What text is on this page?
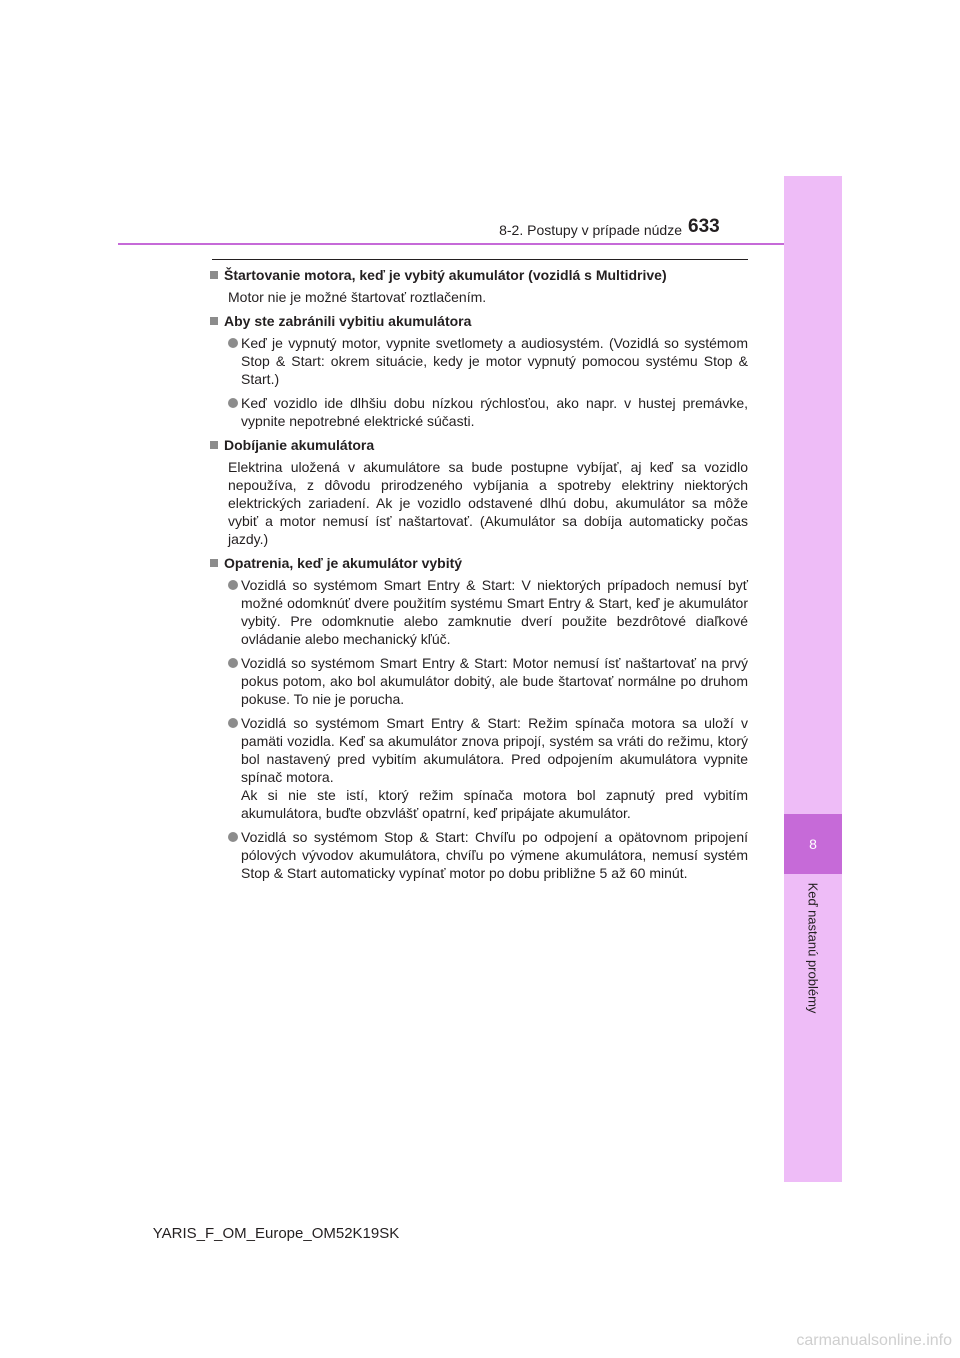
8
Keď nastanú problémy
8-2. Postupy v prípade núdze 633
Štartovanie motora, keď je vybitý akumulátor (vozidlá s Multidrive)
Motor nie je možné štartovať roztlačením.
Aby ste zabránili vybitiu akumulátora
Keď je vypnutý motor, vypnite svetlomety a audiosystém. (Vozidlá so systémom Stop & Start: okrem situácie, kedy je motor vypnutý pomocou systému Stop & Start.)
Keď vozidlo ide dlhšiu dobu nízkou rýchlosťou, ako napr. v hustej premávke, vypnite nepotrebné elektrické súčasti.
Dobíjanie akumulátora
Elektrina uložená v akumulátore sa bude postupne vybíjať, aj keď sa vozidlo nepoužíva, z dôvodu prirodzeného vybíjania a spotreby elektriny niektorých elektrických zariadení. Ak je vozidlo odstavené dlhú dobu, akumulátor sa môže vybiť a motor nemusí ísť naštartovať. (Akumulátor sa dobíja automaticky počas jazdy.)
Opatrenia, keď je akumulátor vybitý
Vozidlá so systémom Smart Entry & Start: V niektorých prípadoch nemusí byť možné odomknúť dvere použitím systému Smart Entry & Start, keď je akumulátor vybitý. Pre odomknutie alebo zamknutie dverí použite bezdrôtové diaľkové ovládanie alebo mechanický kľúč.
Vozidlá so systémom Smart Entry & Start: Motor nemusí ísť naštartovať na prvý pokus potom, ako bol akumulátor dobitý, ale bude štartovať normálne po druhom pokuse. To nie je porucha.
Vozidlá so systémom Smart Entry & Start: Režim spínača motora sa uloží v pamäti vozidla. Keď sa akumulátor znova pripojí, systém sa vráti do režimu, ktorý bol nastavený pred vybitím akumulátora. Pred odpojením akumulátora vypnite spínač motora.
Ak si nie ste istí, ktorý režim spínača motora bol zapnutý pred vybitím akumulátora, buďte obzvlášť opatrní, keď pripájate akumulátor.
Vozidlá so systémom Stop & Start: Chvíľu po odpojení a opätovnom pripojení pólových vývodov akumulátora, chvíľu po výmene akumulátora, nemusí systém Stop & Start automaticky vypínať motor po dobu približne 5 až 60 minút.
YARIS_F_OM_Europe_OM52K19SK
carmanualsonline.info
